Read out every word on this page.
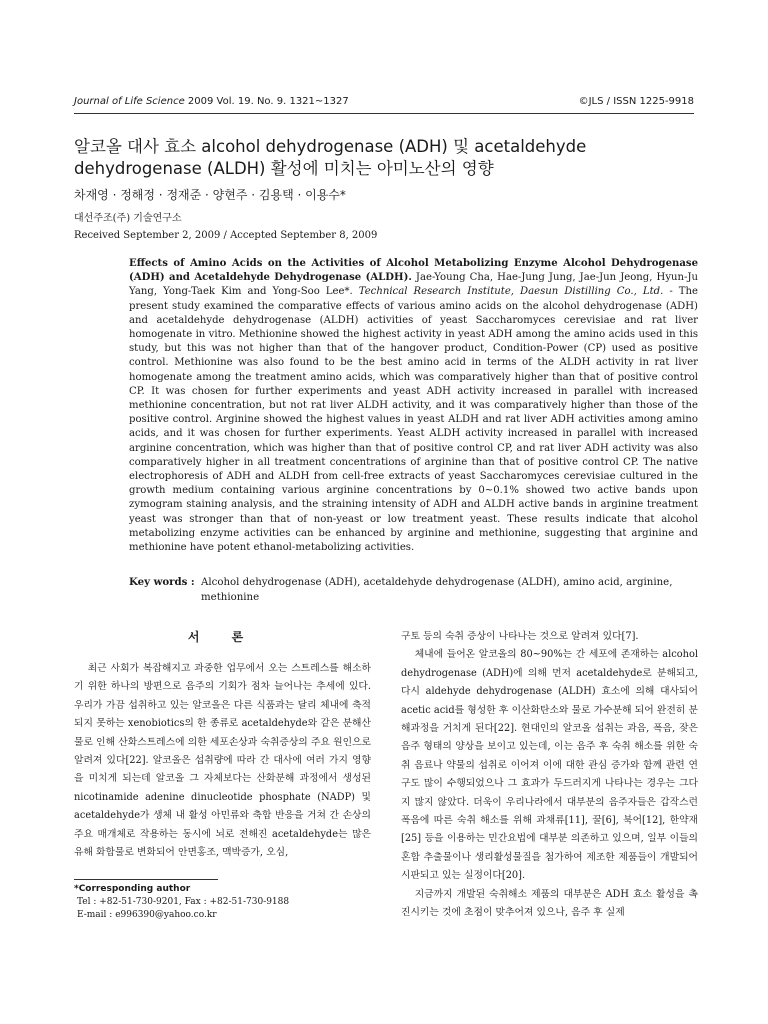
Journal of Life Science 2009 Vol. 19. No. 9. 1321~1327	©JLS / ISSN 1225-9918
알코올 대사 효소 alcohol dehydrogenase (ADH) 및 acetaldehyde dehydrogenase (ALDH) 활성에 미치는 아미노산의 영향
차재영 · 정해정 · 정재준 · 양현주 · 김용택 · 이용수*
대선주조(주) 기술연구소
Received September 2, 2009 / Accepted September 8, 2009

Effects of Amino Acids on the Activities of Alcohol Metabolizing Enzyme Alcohol Dehydrogenase (ADH) and Acetaldehyde Dehydrogenase (ALDH). Jae-Young Cha, Hae-Jung Jung, Jae-Jun Jeong, Hyun-Ju Yang, Yong-Taek Kim and Yong-Soo Lee*. Technical Research Institute, Daesun Distilling Co., Ltd. - The present study examined the comparative effects of various amino acids on the alcohol dehydrogenase (ADH) and acetaldehyde dehydrogenase (ALDH) activities of yeast Saccharomyces cerevisiae and rat liver homogenate in vitro. Methionine showed the highest activity in yeast ADH among the amino acids used in this study, but this was not higher than that of the hangover product, Condition-Power (CP) used as positive control. Methionine was also found to be the best amino acid in terms of the ALDH activity in rat liver homogenate among the treatment amino acids, which was comparatively higher than that of positive control CP. It was chosen for further experiments and yeast ADH activity increased in parallel with increased methionine concentration, but not rat liver ALDH activity, and it was comparatively higher than those of the positive control. Arginine showed the highest values in yeast ALDH and rat liver ADH activities among amino acids, and it was chosen for further experiments. Yeast ALDH activity increased in parallel with increased arginine concentration, which was higher than that of positive control CP, and rat liver ADH activity was also comparatively higher in all treatment concentrations of arginine than that of positive control CP. The native electrophoresis of ADH and ALDH from cell-free extracts of yeast Saccharomyces cerevisiae cultured in the growth medium containing various arginine concentrations by 0~0.1% showed two active bands upon zymogram staining analysis, and the straining intensity of ADH and ALDH active bands in arginine treatment yeast was stronger than that of non-yeast or low treatment yeast. These results indicate that alcohol metabolizing enzyme activities can be enhanced by arginine and methionine, suggesting that arginine and methionine have potent ethanol-metabolizing activities.

Key words : Alcohol dehydrogenase (ADH), acetaldehyde dehydrogenase (ALDH), amino acid, arginine, methionine
서 론

최근 사회가 복잡해지고 과중한 업무에서 오는 스트레스를 해소하기 위한 하나의 방편으로 음주의 기회가 점차 늘어나는 추세에 있다. 우리가 가끔 섭취하고 있는 알코올은 다른 식품과는 달리 체내에 축적되지 못하는 xenobiotics의 한 종류로 acetaldehyde와 같은 분해산물로 인해 산화스트레스에 의한 세포손상과 숙취증상의 주요 원인으로 알려져 있다[22]. 알코올은 섭취량에 따라 간 대사에 여러 가지 영향을 미치게 되는데 알코올 그 자체보다는 산화분해 과정에서 생성된 nicotinamide adenine dinucleotide phosphate (NADP) 및 acetaldehyde가 생체 내 활성 아민류와 축합 반응을 거쳐 간 손상의 주요 매개체로 작용하는 동시에 뇌로 전해진 acetaldehyde는 많은 유해 화합물로 변화되어 안면홍조, 맥박증가, 오심,

구토 등의 숙취 증상이 나타나는 것으로 알려져 있다[7].

체내에 들어온 알코올의 80~90%는 간 세포에 존재하는 alcohol dehydrogenase (ADH)에 의해 먼저 acetaldehyde로 분해되고, 다시 aldehyde dehydrogenase (ALDH) 효소에 의해 대사되어 acetic acid를 형성한 후 이산화탄소와 물로 가수분해 되어 완전히 분해과정을 거치게 된다[22]. 현대인의 알코올 섭취는 과음, 폭음, 잦은 음주 형태의 양상을 보이고 있는데, 이는 음주 후 숙취 해소를 위한 숙취 음료나 약물의 섭취로 이어져 이에 대한 관심 증가와 함께 관련 연구도 많이 수행되었으나 그 효과가 두드러지게 나타나는 경우는 그다지 많지 않았다. 더욱이 우리나라에서 대부분의 음주자들은 갑작스런 폭음에 따른 숙취 해소를 위해 과채류[11], 꿀[6], 북어[12], 한약재[25] 등을 이용하는 민간요법에 대부분 의존하고 있으며, 일부 이들의 혼합 추출물이나 생리활성물질을 첨가하여 제조한 제품들이 개발되어 시판되고 있는 실정이다[20].

지금까지 개발된 숙취해소 제품의 대부분은 ADH 효소 활성을 촉진시키는 것에 초점이 맞추어져 있으나, 음주 후 실제

*Corresponding author
Tel : +82-51-730-9201, Fax : +82-51-730-9188
E-mail : e996390@yahoo.co.kr
